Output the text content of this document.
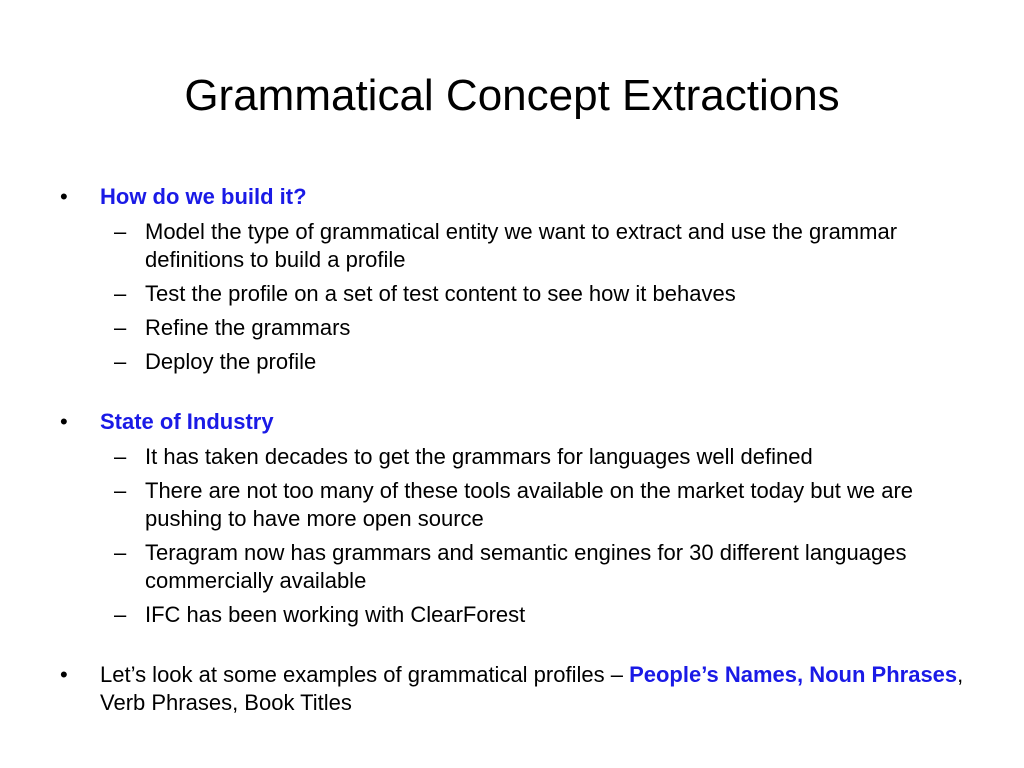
Grammatical Concept Extractions
• How do we build it?
– Model the type of grammatical entity we want to extract and use the grammar definitions to build a profile
– Test the profile on a set of test content to see how it behaves
– Refine the grammars
– Deploy the profile
• State of Industry
– It has taken decades to get the grammars for languages well defined
– There are not too many of these tools available on the market today but we are pushing to have more open source
– Teragram now has grammars and semantic engines for 30 different languages commercially available
– IFC has been working with ClearForest
• Let’s look at some examples of grammatical profiles – People’s Names, Noun Phrases, Verb Phrases, Book Titles
